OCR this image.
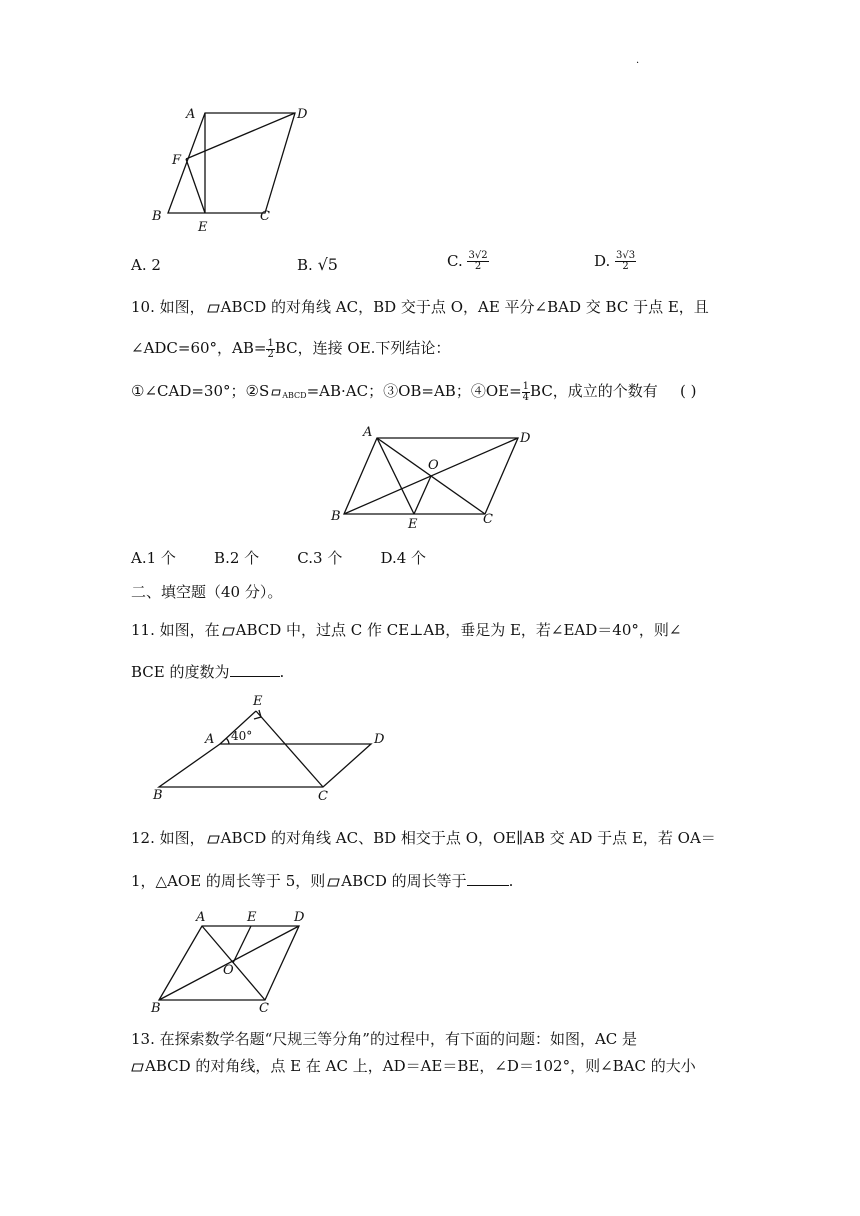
·
A	D
F
B
E
C
A. 2	B. √5	C. $\frac{3√2}{2}$	D. $\frac{3√3}{2}$
10. 如图， ABCD 的对角线 AC，BD 交于点 O，AE 平分∠BAD 交 BC 于点 E，且
∠ADC=60°，$AB= \frac{1}{2}$ BC，连接 OE.下列结论：
①∠CAD=30°；②S $_{ABCD}$=AB·AC；③OB=AB；④OE= $\frac{1}{4}$ BC，成立的个数有 ( )
A	D
O
B
E	C
A.1 个        B.2 个        C.3 个        D.4 个
二、填空题（40 分）。
11. 如图，在 ABCD 中，过点 C 作 CE⊥AB，垂足为 E，若∠EAD＝40°，则∠
BCE 的度数为	.
E
A 40°	D
B	C
12. 如图， ABCD 的对角线 AC、BD 相交于点 O，OE∥AB 交 AD 于点 E，若 OA＝
1，△AOE 的周长等于 5，则 ABCD 的周长等于	.
A	E	D
O
B	C
13. 在探索数学名题“尺规三等分角”的过程中，有下面的问题：如图，AC 是
ABCD 的对角线，点 E 在 AC 上，AD＝AE＝BE，∠D＝102°，则∠BAC 的大小
